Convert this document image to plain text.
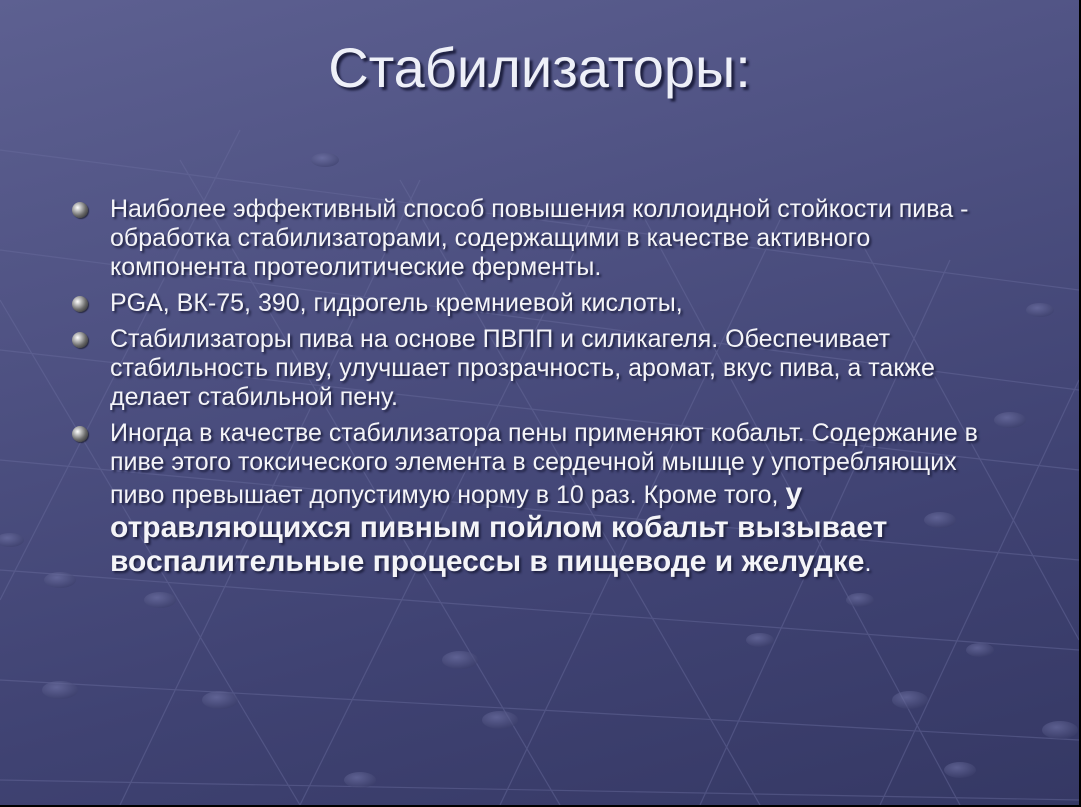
Стабилизаторы:
Наиболее эффективный способ повышения коллоидной стойкости пива - обработка стабилизаторами, содержащими в качестве активного компонента протеолитические ферменты.
PGA, ВК-75, 390, гидрогель кремниевой кислоты,
Стабилизаторы пива на основе ПВПП и силикагеля. Обеспечивает стабильность пиву, улучшает прозрачность, аромат, вкус пива, а также делает стабильной пену.
Иногда в качестве стабилизатора пены применяют кобальт. Содержание в пиве этого токсического элемента в сердечной мышце у употребляющих пиво превышает допустимую норму в 10 раз. Кроме того, у отравляющихся пивным пойлом кобальт вызывает воспалительные процессы в пищеводе и желудке.
